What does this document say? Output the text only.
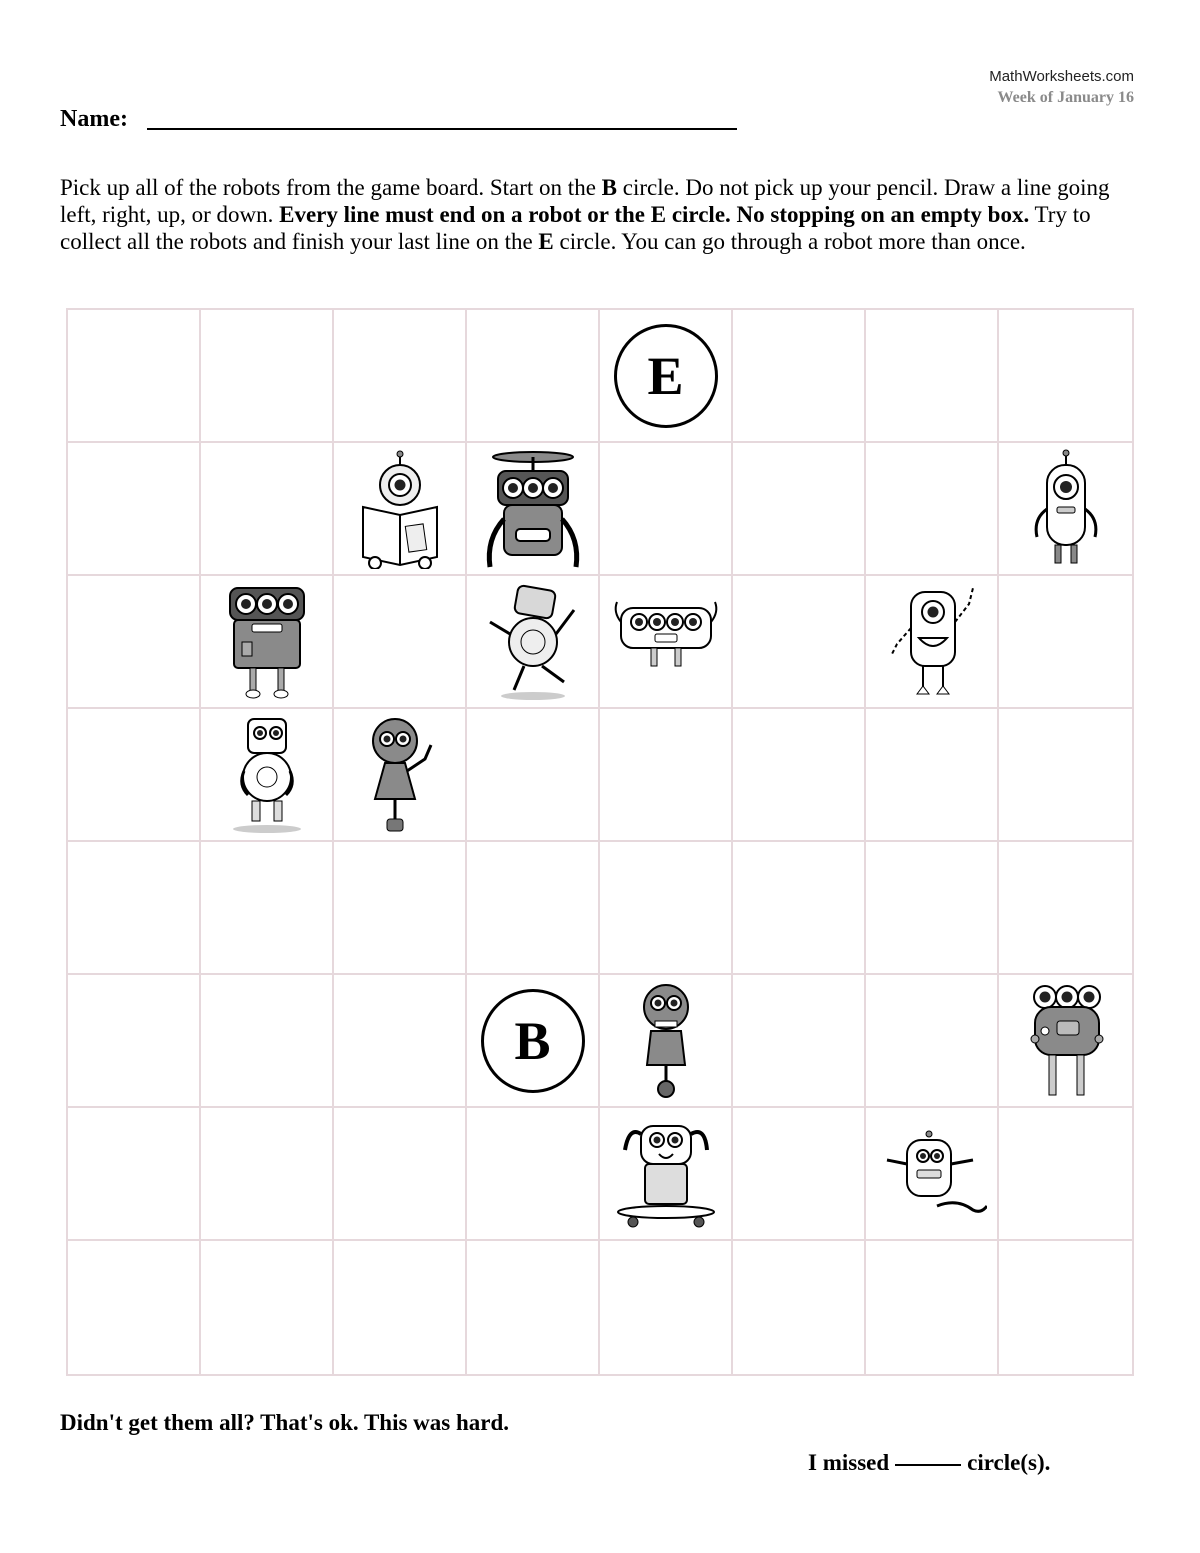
MathWorksheets.com
Week of January 16
Name:
Pick up all of the robots from the game board. Start on the B circle. Do not pick up your pencil. Draw a line going left, right, up, or down. Every line must end on a robot or the E circle. No stopping on an empty box. Try to collect all the robots and finish your last line on the E circle. You can go through a robot more than once.
E
B
Didn't get them all? That's ok. This was hard.
I missed	circle(s).
